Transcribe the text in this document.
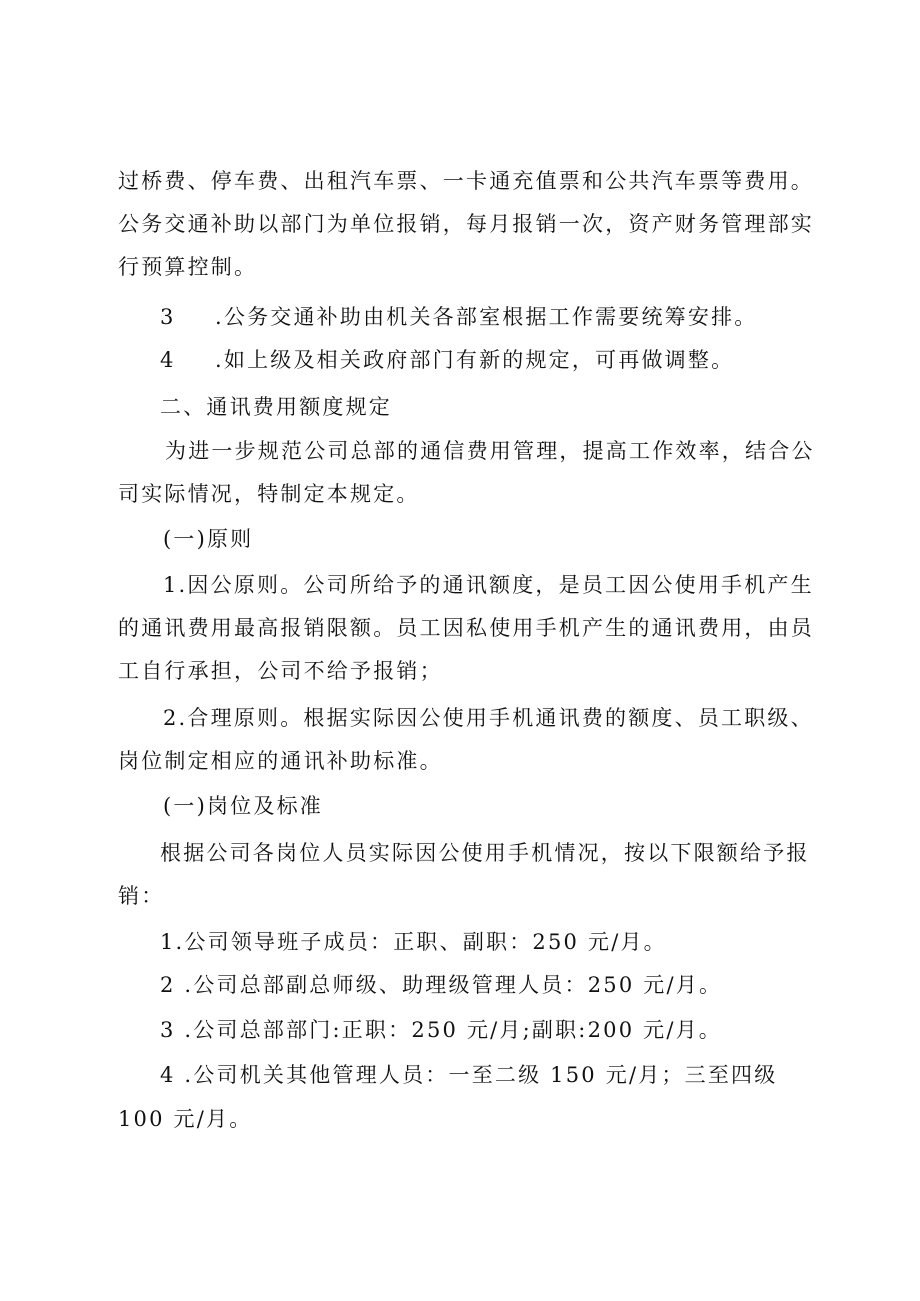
过桥费、停车费、出租汽车票、一卡通充值票和公共汽车票等费用。
公务交通补助以部门为单位报销，每月报销一次，资产财务管理部实
行预算控制。
3 .公务交通补助由机关各部室根据工作需要统筹安排。
4 .如上级及相关政府部门有新的规定，可再做调整。
二、通讯费用额度规定
为进一步规范公司总部的通信费用管理，提高工作效率，结合公
司实际情况，特制定本规定。
(一)原则
1.因公原则。公司所给予的通讯额度，是员工因公使用手机产生
的通讯费用最高报销限额。员工因私使用手机产生的通讯费用，由员
工自行承担，公司不给予报销；
2.合理原则。根据实际因公使用手机通讯费的额度、员工职级、
岗位制定相应的通讯补助标准。
(一)岗位及标准
根据公司各岗位人员实际因公使用手机情况，按以下限额给予报
销：
1.公司领导班子成员：正职、副职：250 元/月。
2 .公司总部副总师级、助理级管理人员：250 元/月。
3 .公司总部部门:正职：250 元/月;副职:200 元/月。
4 .公司机关其他管理人员：一至二级 150 元/月；三至四级
100 元/月。
